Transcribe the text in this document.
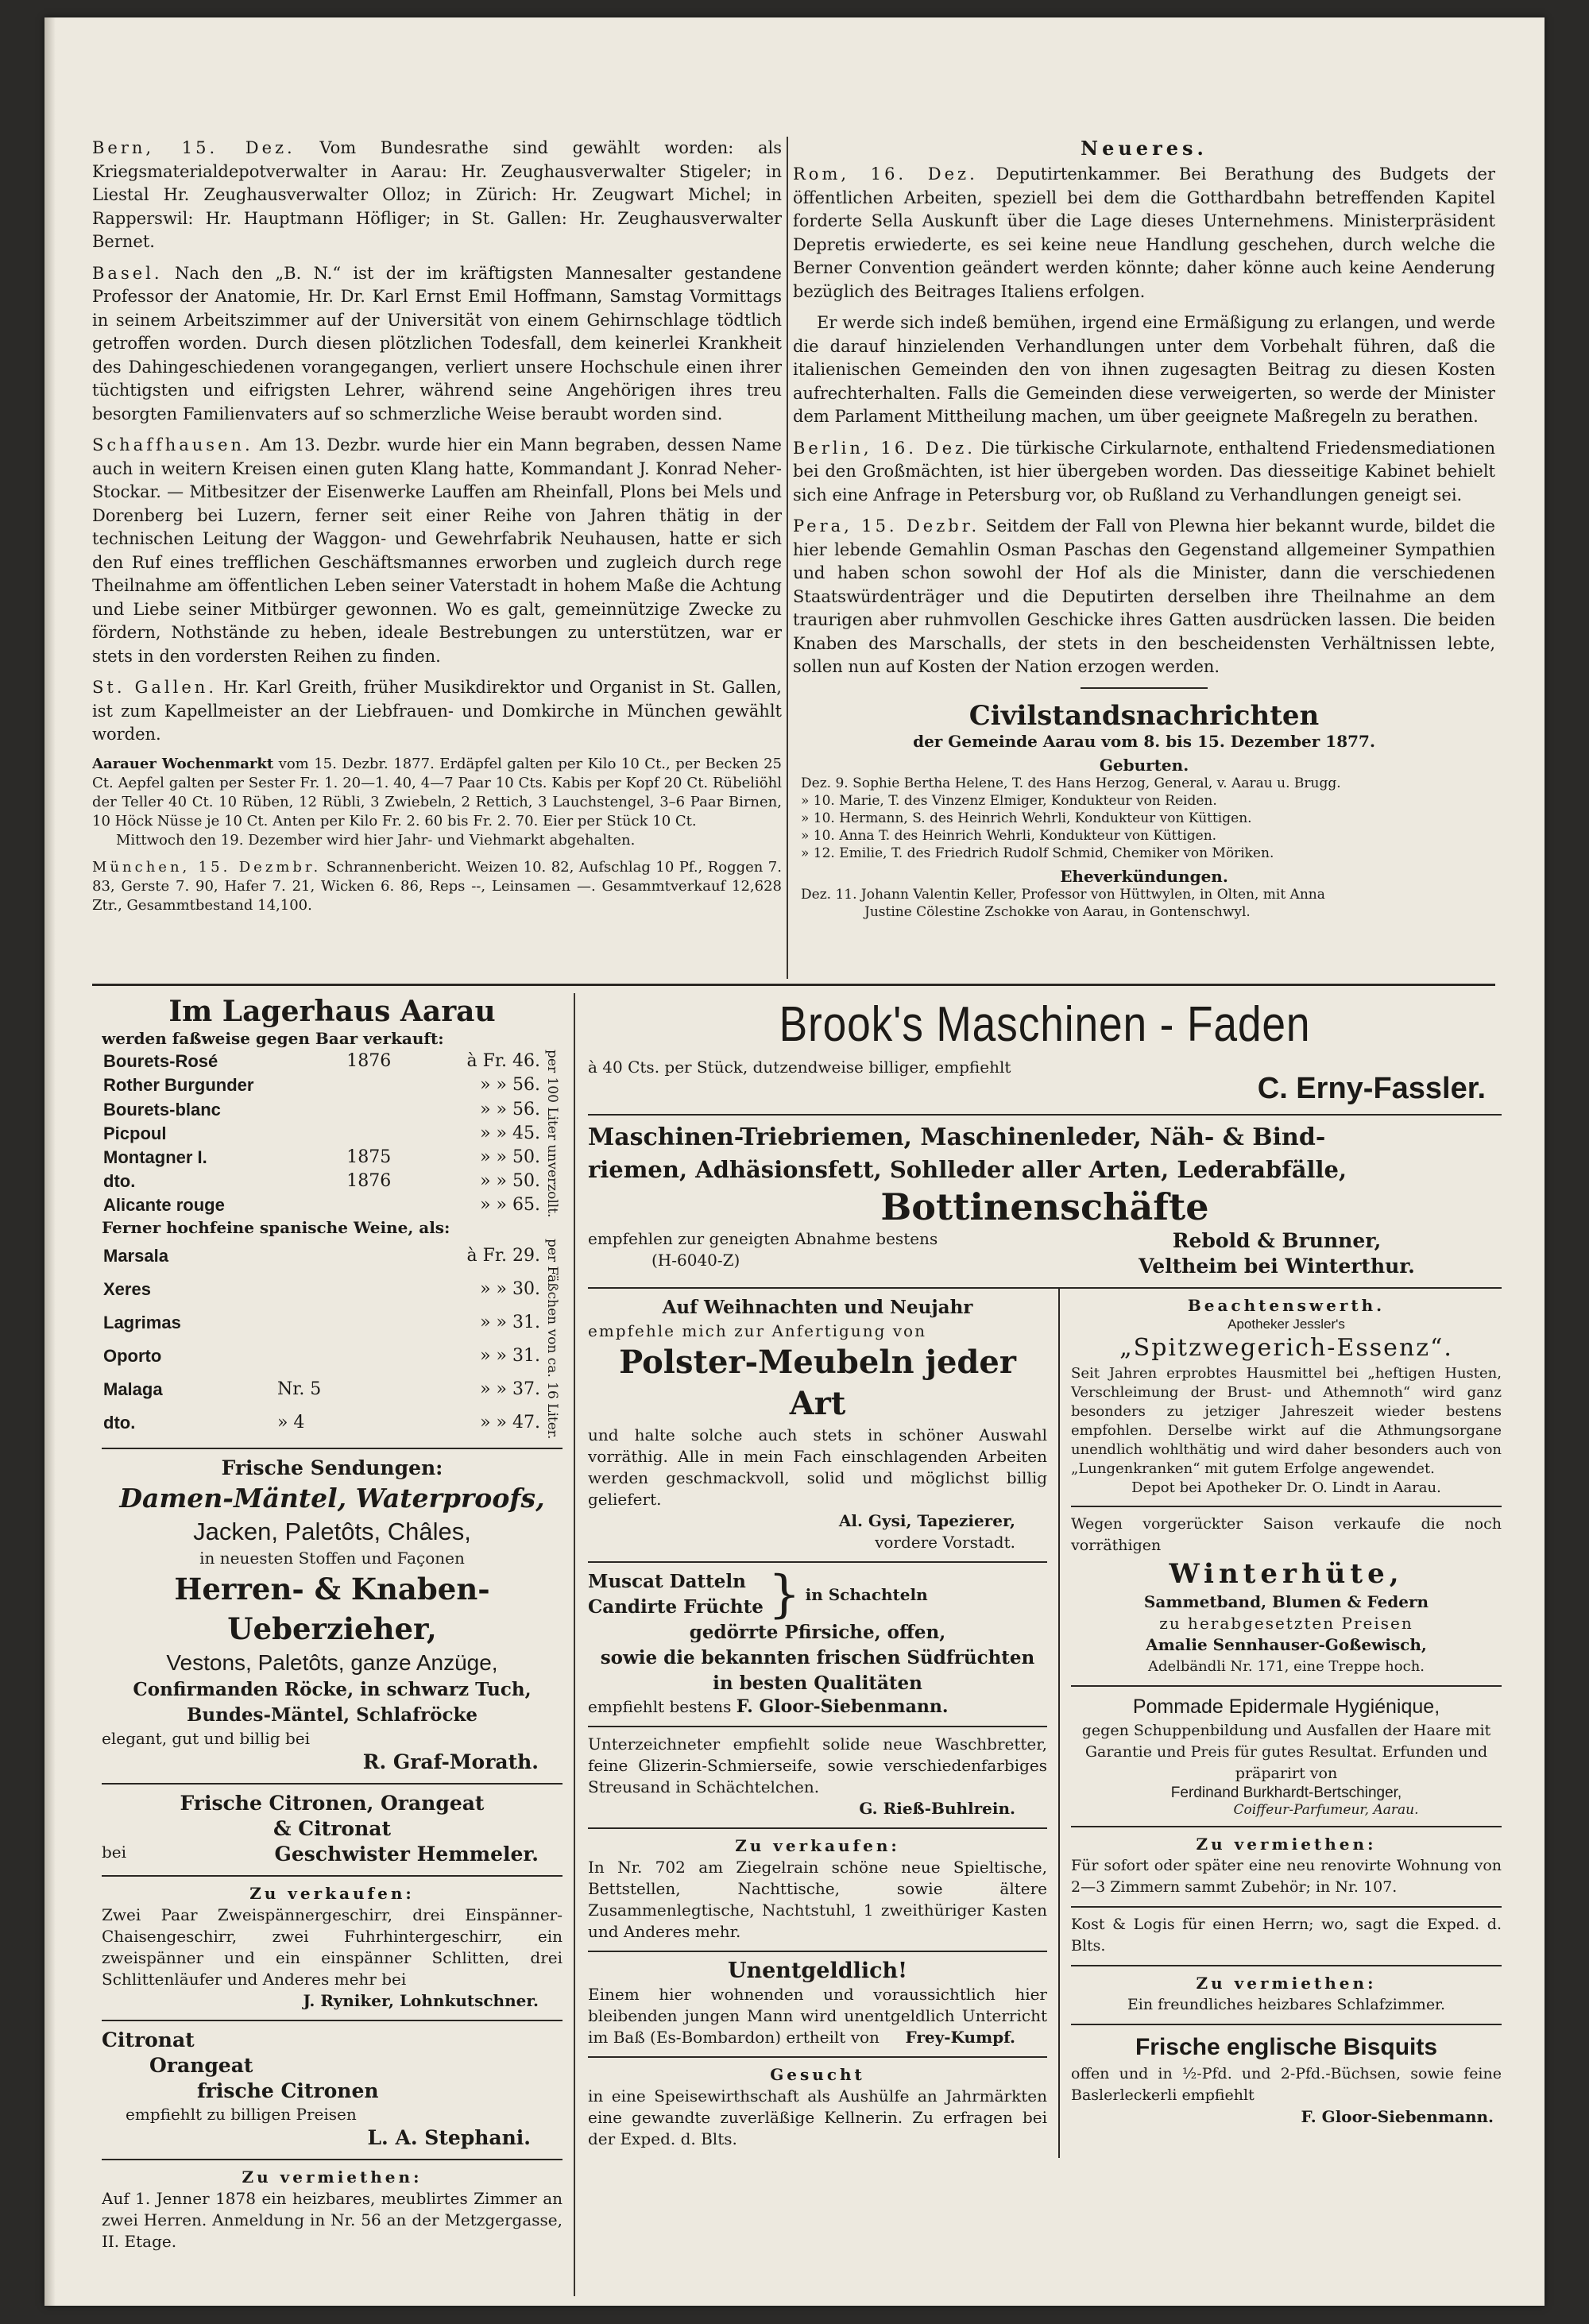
Bern, 15. Dez. Vom Bundesrathe sind gewählt worden: als Kriegsmaterialdepotverwalter in Aarau: Hr. Zeughausverwalter Stigeler; in Liestal Hr. Zeughausverwalter Olloz; in Zürich: Hr. Zeugwart Michel; in Rapperswil: Hr. Hauptmann Höfliger; in St. Gallen: Hr. Zeughausverwalter Bernet.

Basel. Nach den „B. N.“ ist der im kräftigsten Mannesalter gestandene Professor der Anatomie, Hr. Dr. Karl Ernst Emil Hoffmann, Samstag Vormittags in seinem Arbeitszimmer auf der Universität von einem Gehirnschlage tödtlich getroffen worden. Durch diesen plötzlichen Todesfall, dem keinerlei Krankheit des Dahingeschiedenen vorangegangen, verliert unsere Hochschule einen ihrer tüchtigsten und eifrigsten Lehrer, während seine Angehörigen ihres treu besorgten Familienvaters auf so schmerzliche Weise beraubt worden sind.

Schaffhausen. Am 13. Dezbr. wurde hier ein Mann begraben, dessen Name auch in weitern Kreisen einen guten Klang hatte, Kommandant J. Konrad Neher-Stockar. — Mitbesitzer der Eisenwerke Lauffen am Rheinfall, Plons bei Mels und Dorenberg bei Luzern, ferner seit einer Reihe von Jahren thätig in der technischen Leitung der Waggon- und Gewehrfabrik Neuhausen, hatte er sich den Ruf eines trefflichen Geschäftsmannes erworben und zugleich durch rege Theilnahme am öffentlichen Leben seiner Vaterstadt in hohem Maße die Achtung und Liebe seiner Mitbürger gewonnen. Wo es galt, gemeinnützige Zwecke zu fördern, Nothstände zu heben, ideale Bestrebungen zu unterstützen, war er stets in den vordersten Reihen zu finden.

St. Gallen. Hr. Karl Greith, früher Musikdirektor und Organist in St. Gallen, ist zum Kapellmeister an der Liebfrauen- und Domkirche in München gewählt worden.

Aarauer Wochenmarkt vom 15. Dezbr. 1877. Erdäpfel galten per Kilo 10 Ct., per Becken 25 Ct. Aepfel galten per Sester Fr. 1. 20—1. 40, 4—7 Paar 10 Cts. Kabis per Kopf 20 Ct. Rübeliöhl der Teller 40 Ct. 10 Rüben, 12 Rübli, 3 Zwiebeln, 2 Rettich, 3 Lauchstengel, 3–6 Paar Birnen, 10 Höck Nüsse je 10 Ct. Anten per Kilo Fr. 2. 60 bis Fr. 2. 70. Eier per Stück 10 Ct.

Mittwoch den 19. Dezember wird hier Jahr- und Viehmarkt abgehalten.

München, 15. Dezmbr. Schrannenbericht. Weizen 10. 82, Aufschlag 10 Pf., Roggen 7. 83, Gerste 7. 90, Hafer 7. 21, Wicken 6. 86, Reps --, Leinsamen —. Gesammtverkauf 12,628 Ztr., Gesammtbestand 14,100.

Neueres.

Rom, 16. Dez. Deputirtenkammer. Bei Berathung des Budgets der öffentlichen Arbeiten, speziell bei dem die Gotthardbahn betreffenden Kapitel forderte Sella Auskunft über die Lage dieses Unternehmens. Ministerpräsident Depretis erwiederte, es sei keine neue Handlung geschehen, durch welche die Berner Convention geändert werden könnte; daher könne auch keine Aenderung bezüglich des Beitrages Italiens erfolgen.

Er werde sich indeß bemühen, irgend eine Ermäßigung zu erlangen, und werde die darauf hinzielenden Verhandlungen unter dem Vorbehalt führen, daß die italienischen Gemeinden den von ihnen zugesagten Beitrag zu diesen Kosten aufrechterhalten. Falls die Gemeinden diese verweigerten, so werde der Minister dem Parlament Mittheilung machen, um über geeignete Maßregeln zu berathen.

Berlin, 16. Dez. Die türkische Cirkularnote, enthaltend Friedensmediationen bei den Großmächten, ist hier übergeben worden. Das diesseitige Kabinet behielt sich eine Anfrage in Petersburg vor, ob Rußland zu Verhandlungen geneigt sei.

Pera, 15. Dezbr. Seitdem der Fall von Plewna hier bekannt wurde, bildet die hier lebende Gemahlin Osman Paschas den Gegenstand allgemeiner Sympathien und haben schon sowohl der Hof als die Minister, dann die verschiedenen Staatswürdenträger und die Deputirten derselben ihre Theilnahme an dem traurigen aber ruhmvollen Geschicke ihres Gatten ausdrücken lassen. Die beiden Knaben des Marschalls, der stets in den bescheidensten Verhältnissen lebte, sollen nun auf Kosten der Nation erzogen werden.

Civilstandsnachrichten
der Gemeinde Aarau vom 8. bis 15. Dezember 1877.
Geburten.
Dez. 9. Sophie Bertha Helene, T. des Hans Herzog, General, v. Aarau u. Brugg.
» 10. Marie, T. des Vinzenz Elmiger, Kondukteur von Reiden.
» 10. Hermann, S. des Heinrich Wehrli, Kondukteur von Küttigen.
» 10. Anna T. des Heinrich Wehrli, Kondukteur von Küttigen.
» 12. Emilie, T. des Friedrich Rudolf Schmid, Chemiker von Möriken.
Eheverkündungen.
Dez. 11. Johann Valentin Keller, Professor von Hüttwylen, in Olten, mit Anna
Justine Cölestine Zschokke von Aarau, in Gontenschwyl.
Im Lagerhaus Aarau
werden faßweise gegen Baar verkauft:
Bourets-Rosé	1876	à Fr. 46.
Rother Burgunder		» » 56.
Bourets-blanc		» » 56.
Picpoul		» » 45.
Montagner I.	1875	» » 50.
dto.	1876	» » 50.
Alicante rouge		» » 65. per 100 Liter unverzollt.
Ferner hochfeine spanische Weine, als:
Marsala		à Fr. 29.
Xeres		» » 30.
Lagrimas		» » 31.
Oporto		» » 31.
Malaga	Nr. 5	» » 37.
dto.	» 4	» » 47. per Fäßchen von ca. 16 Liter.
Frische Sendungen:
Damen-Mäntel, Waterproofs,
Jacken, Paletôts, Châles,
in neuesten Stoffen und Façonen
Herren- & Knaben-Ueberzieher,
Vestons, Paletôts, ganze Anzüge,
Confirmanden Röcke, in schwarz Tuch,
Bundes-Mäntel, Schlafröcke
elegant, gut und billig bei
R. Graf-Morath.
Frische Citronen, Orangeat
& Citronat
bei	Geschwister Hemmeler.
Zu verkaufen:
Zwei Paar Zweispännergeschirr, drei Einspänner-Chaisengeschirr, zwei Fuhrhintergeschirr, ein zweispänner und ein einspänner Schlitten, drei Schlittenläufer und Anderes mehr bei
J. Ryniker, Lohnkutschner.
Citronat
Orangeat
frische Citronen
empfiehlt zu billigen Preisen
L. A. Stephani.
Zu vermiethen:
Auf 1. Jenner 1878 ein heizbares, meublirtes Zimmer an zwei Herren. Anmeldung in Nr. 56 an der Metzgergasse, II. Etage.
Brook's Maschinen - Faden
à 40 Cts. per Stück, dutzendweise billiger, empfiehlt
C. Erny-Fassler.
Maschinen-Triebriemen, Maschinenleder, Näh- & Bind-
riemen, Adhäsionsfett, Sohlleder aller Arten, Lederabfälle,
Bottinenschäfte
empfehlen zur geneigten Abnahme bestens
(H-6040-Z)
Rebold & Brunner,
Veltheim bei Winterthur.
Auf Weihnachten und Neujahr
empfehle mich zur Anfertigung von
Polster-Meubeln jeder Art
und halte solche auch stets in schöner Auswahl vorräthig. Alle in mein Fach einschlagenden Arbeiten werden geschmackvoll, solid und möglichst billig geliefert.
Al. Gysi, Tapezierer,
vordere Vorstadt.
Muscat Datteln
Candirte Früchte } in Schachteln
gedörrte Pfirsiche, offen,
sowie die bekannten frischen Südfrüchten
in besten Qualitäten
empfiehlt bestens F. Gloor-Siebenmann.
Unterzeichneter empfiehlt solide neue Waschbretter, feine Glizerin-Schmierseife, sowie verschiedenfarbiges Streusand in Schächtelchen.
G. Rieß-Buhlrein.
Zu verkaufen:
In Nr. 702 am Ziegelrain schöne neue Spieltische, Bettstellen, Nachttische, sowie ältere Zusammenlegtische, Nachtstuhl, 1 zweithüriger Kasten und Anderes mehr.
Unentgeldlich!
Einem hier wohnenden und voraussichtlich hier bleibenden jungen Mann wird unentgeldlich Unterricht im Baß (Es-Bombardon) ertheilt von	Frey-Kumpf.
Gesucht
in eine Speisewirthschaft als Aushülfe an Jahrmärkten eine gewandte zuverläßige Kellnerin. Zu erfragen bei der Exped. d. Blts.
Beachtenswerth.
Apotheker Jessler's
„Spitzwegerich-Essenz“.
Seit Jahren erprobtes Hausmittel bei „heftigen Husten, Verschleimung der Brust- und Athemnoth“ wird ganz besonders zu jetziger Jahreszeit wieder bestens empfohlen. Derselbe wirkt auf die Athmungsorgane unendlich wohlthätig und wird daher besonders auch von „Lungenkranken“ mit gutem Erfolge angewendet.
Depot bei Apotheker Dr. O. Lindt in Aarau.
Wegen vorgerückter Saison verkaufe die noch vorräthigen
Winterhüte,
Sammetband, Blumen & Federn
zu herabgesetzten Preisen
Amalie Sennhauser-Goßewisch,
Adelbändli Nr. 171, eine Treppe hoch.
Pommade Epidermale Hygiénique,
gegen Schuppenbildung und Ausfallen der Haare mit Garantie und Preis für gutes Resultat. Erfunden und präparirt von
Ferdinand Burkhardt-Bertschinger,
Coiffeur-Parfumeur, Aarau.
Zu vermiethen:
Für sofort oder später eine neu renovirte Wohnung von 2—3 Zimmern sammt Zubehör; in Nr. 107.
Kost & Logis für einen Herrn; wo, sagt die Exped. d. Blts.
Zu vermiethen:
Ein freundliches heizbares Schlafzimmer.
Frische englische Bisquits
offen und in ½-Pfd. und 2-Pfd.-Büchsen, sowie feine Baslerleckerli empfiehlt
F. Gloor-Siebenmann.
